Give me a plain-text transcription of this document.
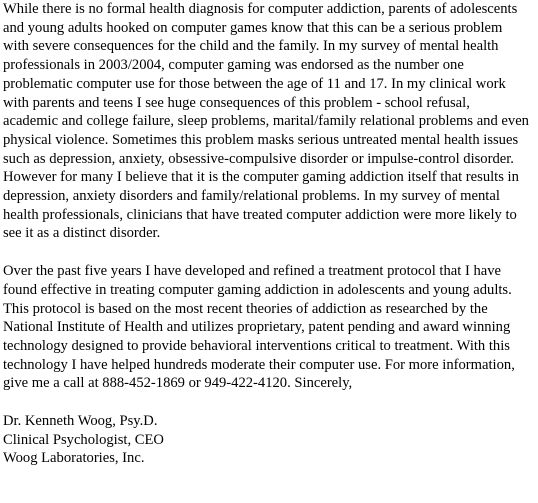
While there is no formal health diagnosis for computer addiction, parents of adolescents
and young adults hooked on computer games know that this can be a serious problem
with severe consequences for the child and the family. In my survey of mental health
professionals in 2003/2004, computer gaming was endorsed as the number one
problematic computer use for those between the age of 11 and 17. In my clinical work
with parents and teens I see huge consequences of this problem - school refusal,
academic and college failure, sleep problems, marital/family relational problems and even
physical violence. Sometimes this problem masks serious untreated mental health issues
such as depression, anxiety, obsessive-compulsive disorder or impulse-control disorder.
However for many I believe that it is the computer gaming addiction itself that results in
depression, anxiety disorders and family/relational problems. In my survey of mental
health professionals, clinicians that have treated computer addiction were more likely to
see it as a distinct disorder.

Over the past five years I have developed and refined a treatment protocol that I have
found effective in treating computer gaming addiction in adolescents and young adults.
This protocol is based on the most recent theories of addiction as researched by the
National Institute of Health and utilizes proprietary, patent pending and award winning
technology designed to provide behavioral interventions critical to treatment. With this
technology I have helped hundreds moderate their computer use. For more information,
give me a call at 888-452-1869 or 949-422-4120. Sincerely,

Dr. Kenneth Woog, Psy.D.
Clinical Psychologist, CEO
Woog Laboratories, Inc.
